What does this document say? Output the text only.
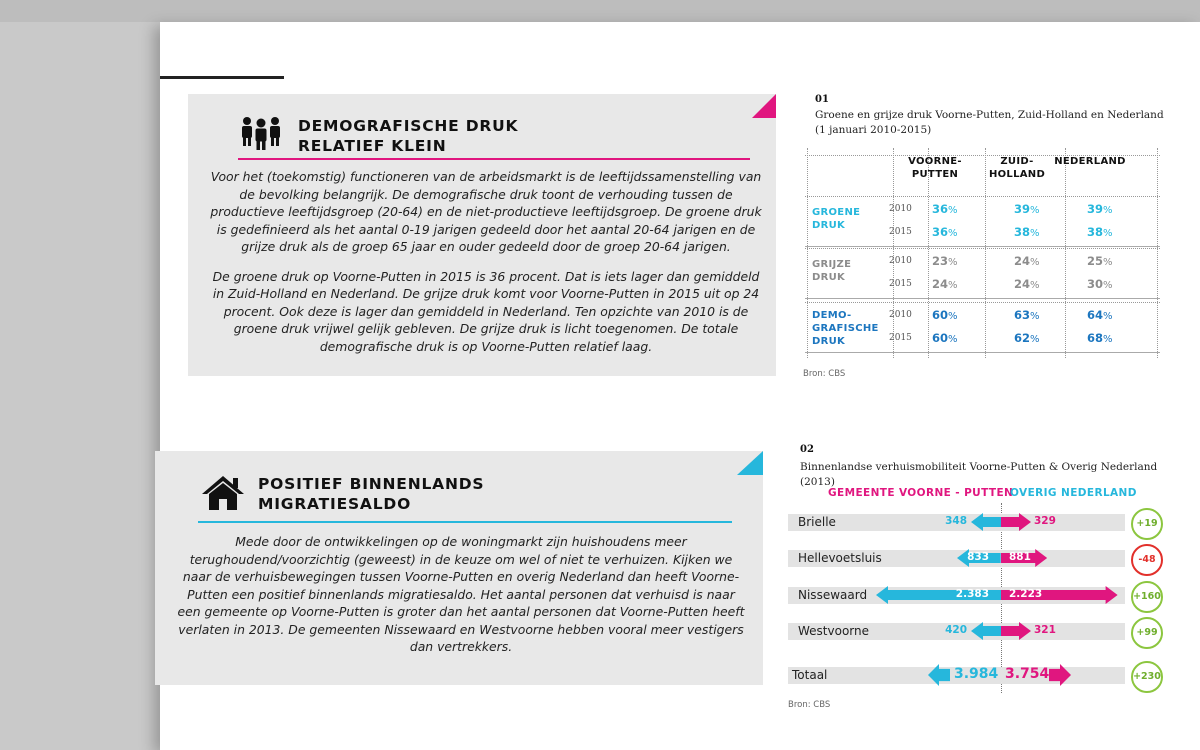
DEMOGRAFISCHE DRUK
RELATIEF KLEIN

Voor het (toekomstig) functioneren van de arbeidsmarkt is de leeftijdssamenstelling van de bevolking belangrijk. De demografische druk toont de verhouding tussen de productieve leeftijdsgroep (20-64) en de niet-productieve leeftijdsgroep. De groene druk is gedefinieerd als het aantal 0-19 jarigen gedeeld door het aantal 20-64 jarigen en de grijze druk als de groep 65 jaar en ouder gedeeld door de groep 20-64 jarigen.

De groene druk op Voorne-Putten in 2015 is 36 procent. Dat is iets lager dan gemiddeld in Zuid-Holland en Nederland. De grijze druk komt voor Voorne-Putten in 2015 uit op 24 procent. Ook deze is lager dan gemiddeld in Nederland. Ten opzichte van 2010 is de groene druk vrijwel gelijk gebleven. De grijze druk is licht toegenomen. De totale demografische druk is op Voorne-Putten relatief laag.

POSITIEF BINNENLANDS
MIGRATIESALDO

Mede door de ontwikkelingen op de woningmarkt zijn huishoudens meer terughoudend/voorzichtig (geweest) in de keuze om wel of niet te verhuizen. Kijken we naar de verhuisbewegingen tussen Voorne-Putten en overig Nederland dan heeft Voorne-Putten een positief binnenlands migratiesaldo. Het aantal personen dat verhuisd is naar een gemeente op Voorne-Putten is groter dan het aantal personen dat Voorne-Putten heeft verlaten in 2013. De gemeenten Nissewaard en Westvoorne hebben vooral meer vestigers dan vertrekkers.

01
Groene en grijze druk Voorne-Putten, Zuid-Holland en Nederland
(1 januari 2010-2015)
VOORNE-
PUTTEN
ZUID-
HOLLAND
NEDERLAND
GROENE
DRUK
2010 36%	39%	39%
2015 36%	38%	38%
GRIJZE
DRUK
2010 23%	24%	25%
2015 24%	24%	30%
DEMO-
GRAFISCHE
DRUK
2010 60%	63%	64%
2015 60%	62%	68%
Bron: CBS
02
Binnenlandse verhuismobiliteit Voorne-Putten & Overig Nederland (2013)
GEMEENTE VOORNE - PUTTEN
OVERIG NEDERLAND
Brielle	348	329	+19
Hellevoetsluis	833 881	-48
Nissewaard	2.383 2.223	+160
Westvoorne	420	321	+99
Totaal	3.984 3.754	+230
Bron: CBS
